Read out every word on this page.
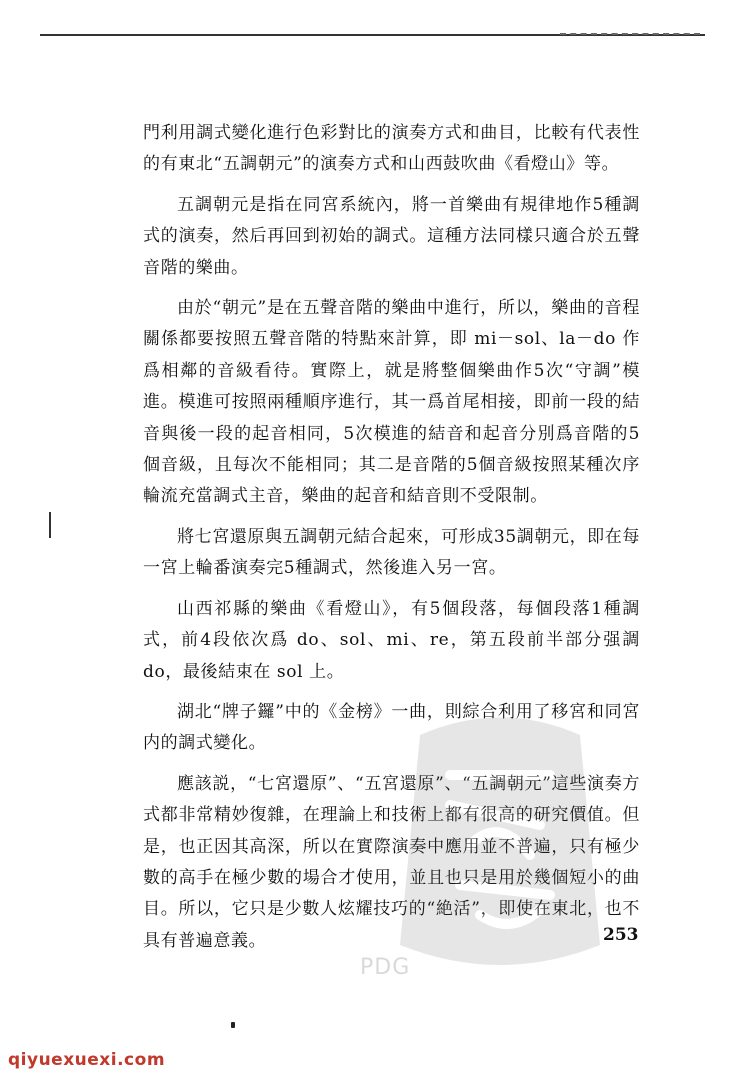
門利用調式變化進行色彩對比的演奏方式和曲目，比較有代表性的有東北“五調朝元”的演奏方式和山西鼓吹曲《看燈山》等。

五調朝元是指在同宮系統內，將一首樂曲有規律地作5種調式的演奏，然后再回到初始的調式。這種方法同樣只適合於五聲音階的樂曲。

由於“朝元”是在五聲音階的樂曲中進行，所以，樂曲的音程關係都要按照五聲音階的特點來計算，即 mi－sol、la－do 作爲相鄰的音級看待。實際上，就是將整個樂曲作5次“守調”模進。模進可按照兩種順序進行，其一爲首尾相接，即前一段的結音與後一段的起音相同，5次模進的結音和起音分別爲音階的5個音級，且每次不能相同；其二是音階的5個音級按照某種次序輪流充當調式主音，樂曲的起音和結音則不受限制。

將七宮還原與五調朝元結合起來，可形成35調朝元，即在每一宮上輪番演奏完5種調式，然後進入另一宮。

山西祁縣的樂曲《看燈山》，有5個段落，每個段落1種調式，前4段依次爲 do、sol、mi、re，第五段前半部分强調 do，最後結束在 sol 上。

湖北“牌子鑼”中的《金榜》一曲，則綜合利用了移宮和同宮内的調式變化。

應該説，“七宮還原”、“五宮還原”、“五調朝元”這些演奏方式都非常精妙復雜，在理論上和技術上都有很高的研究價值。但是，也正因其高深，所以在實際演奏中應用並不普遍，只有極少數的高手在極少數的場合才使用，並且也只是用於幾個短小的曲目。所以，它只是少數人炫耀技巧的“絶活”，即使在東北，也不具有普遍意義。	253
PDG
qiyuexuexi.com
